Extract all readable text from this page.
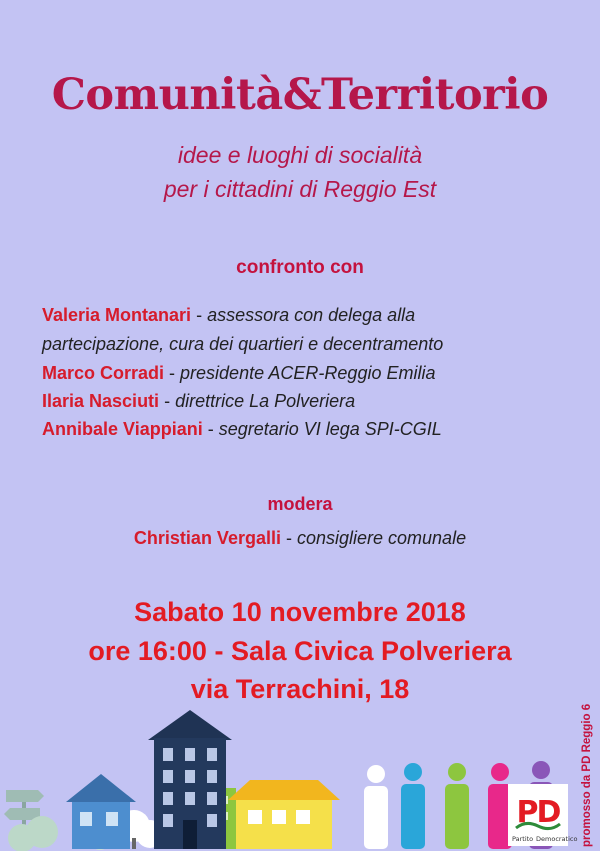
Comunità&Territorio
idee e luoghi di socialità
per i cittadini di Reggio Est
confronto con
Valeria Montanari - assessora con delega alla
partecipazione, cura dei quartieri e decentramento
Marco Corradi - presidente ACER-Reggio Emilia
Ilaria Nasciuti - direttrice La Polveriera
Annibale Viappiani - segretario VI lega SPI-CGIL
modera
Christian Vergalli - consigliere comunale
Sabato 10 novembre 2018
ore 16:00 - Sala Civica Polveriera
via Terrachini, 18
PD
Partito Democratico promosso da PD Reggio 6
